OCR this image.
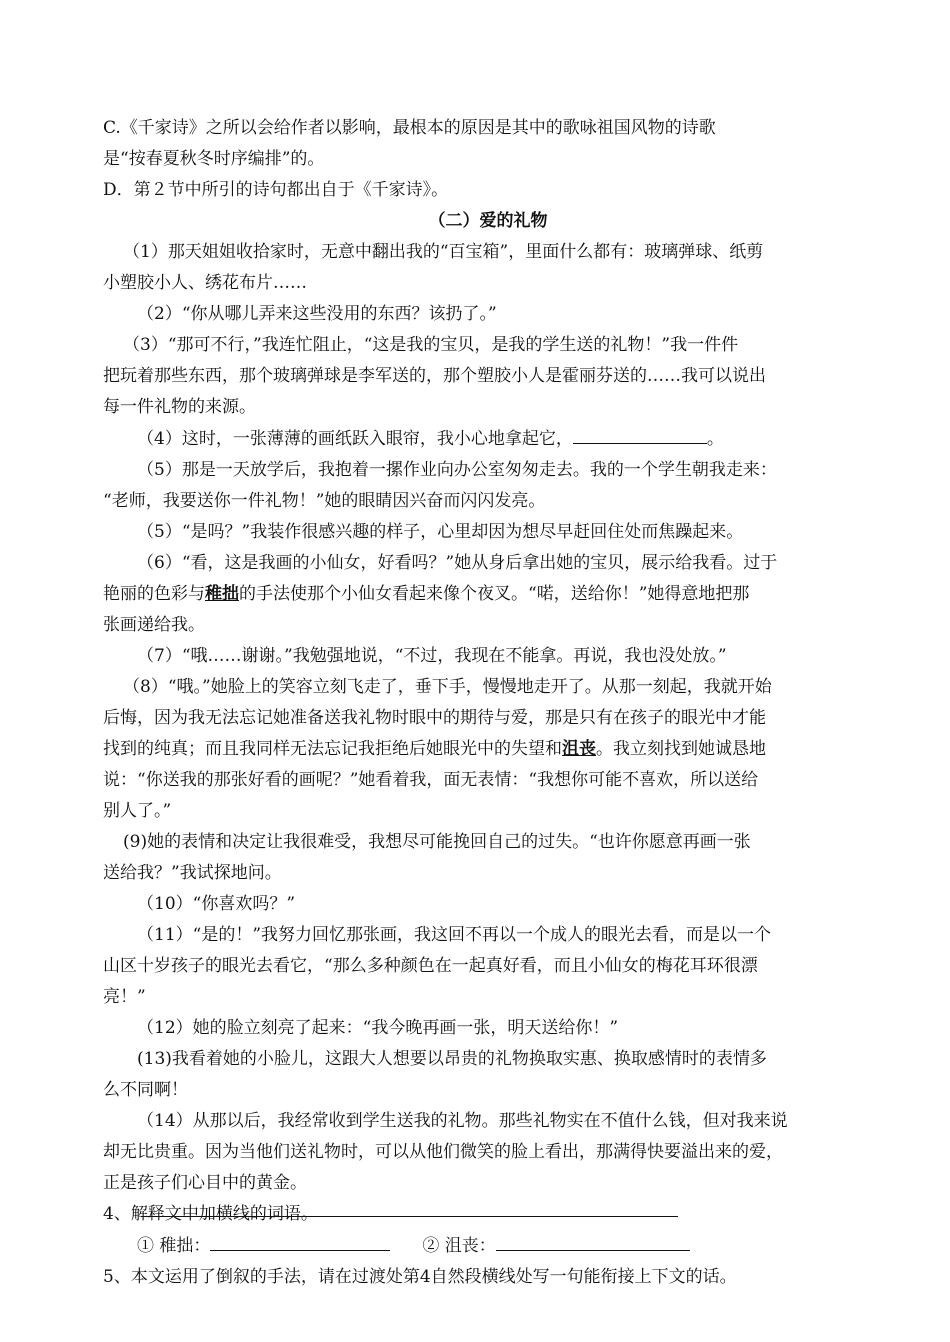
C.《千家诗》之所以会给作者以影响，最根本的原因是其中的歌咏祖国风物的诗歌

是“按春夏秋冬时序编排”的。

D．第２节中所引的诗句都出自于《千家诗》。

（二）爱的礼物

（1）那天姐姐收拾家时，无意中翻出我的“百宝箱”，里面什么都有：玻璃弹球、纸剪

小塑胶小人、绣花布片……

（2）“你从哪儿弄来这些没用的东西？该扔了。”

（3）“那可不行，”我连忙阻止，“这是我的宝贝，是我的学生送的礼物！”我一件件

把玩着那些东西，那个玻璃弹球是李军送的，那个塑胶小人是霍丽芬送的……我可以说出

每一件礼物的来源。

（4）这时，一张薄薄的画纸跃入眼帘，我小心地拿起它，	。

（5）那是一天放学后，我抱着一摞作业向办公室匆匆走去。我的一个学生朝我走来：

“老师，我要送你一件礼物！”她的眼睛因兴奋而闪闪发亮。

（5）“是吗？”我装作很感兴趣的样子，心里却因为想尽早赶回住处而焦躁起来。

（6）“看，这是我画的小仙女，好看吗？”她从身后拿出她的宝贝，展示给我看。过于

艳丽的色彩与稚拙的手法使那个小仙女看起来像个夜叉。“喏，送给你！”她得意地把那

张画递给我。

（7）“哦……谢谢。”我勉强地说，“不过，我现在不能拿。再说，我也没处放。”

（8）“哦。”她脸上的笑容立刻飞走了，垂下手，慢慢地走开了。从那一刻起，我就开始

后悔，因为我无法忘记她准备送我礼物时眼中的期待与爱，那是只有在孩子的眼光中才能

找到的纯真；而且我同样无法忘记我拒绝后她眼光中的失望和沮丧。我立刻找到她诚恳地

说：“你送我的那张好看的画呢？”她看着我，面无表情：“我想你可能不喜欢，所以送给

别人了。”

(9)她的表情和决定让我很难受，我想尽可能挽回自己的过失。“也许你愿意再画一张

送给我？”我试探地问。

（10）“你喜欢吗？”

（11）“是的！”我努力回忆那张画，我这回不再以一个成人的眼光去看，而是以一个

山区十岁孩子的眼光去看它，“那么多种颜色在一起真好看，而且小仙女的梅花耳环很漂

亮！”

（12）她的脸立刻亮了起来：“我今晚再画一张，明天送给你！”

(13)我看着她的小脸儿，这跟大人想要以昂贵的礼物换取实惠、换取感情时的表情多

么不同啊！

（14）从那以后，我经常收到学生送我的礼物。那些礼物实在不值什么钱，但对我来说

却无比贵重。因为当他们送礼物时，可以从他们微笑的脸上看出，那满得快要溢出来的爱，

正是孩子们心目中的黄金。

4、解释文中加横线的词语。

① 稚拙：	② 沮丧：

5、本文运用了倒叙的手法，请在过渡处第4自然段横线处写一句能衔接上下文的话。
